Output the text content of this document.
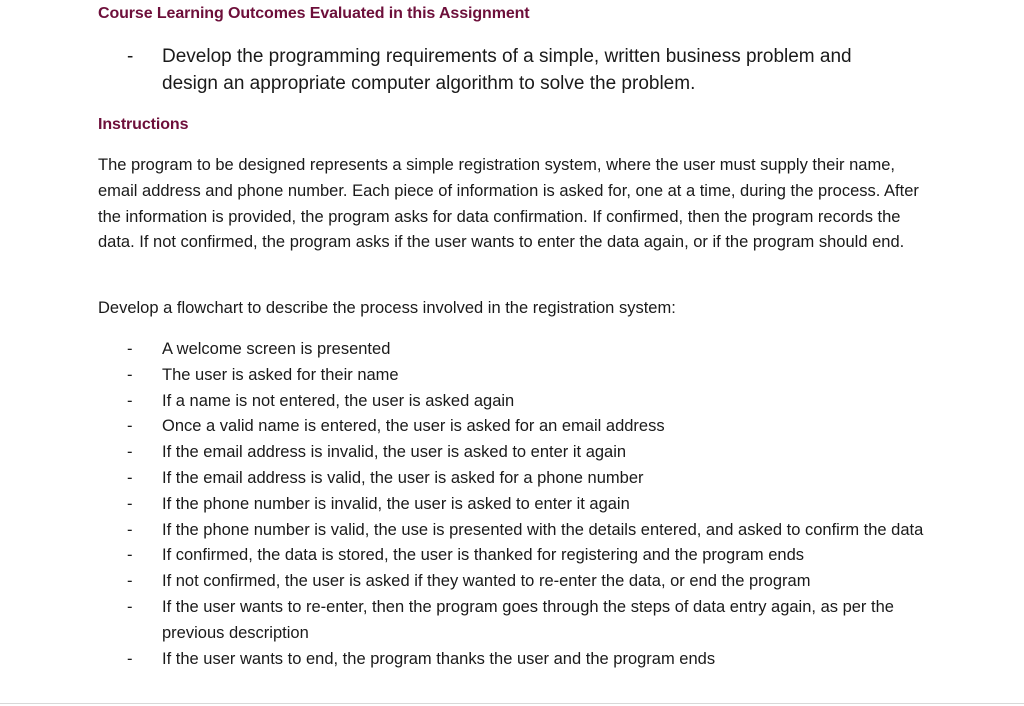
Course Learning Outcomes Evaluated in this Assignment
- Develop the programming requirements of a simple, written business problem and
design an appropriate computer algorithm to solve the problem.
Instructions

The program to be designed represents a simple registration system, where the user must supply their name, email address and phone number. Each piece of information is asked for, one at a time, during the process. After the information is provided, the program asks for data confirmation. If confirmed, then the program records the data. If not confirmed, the program asks if the user wants to enter the data again, or if the program should end.

Develop a flowchart to describe the process involved in the registration system:

- A welcome screen is presented
- The user is asked for their name
- If a name is not entered, the user is asked again
- Once a valid name is entered, the user is asked for an email address
- If the email address is invalid, the user is asked to enter it again
- If the email address is valid, the user is asked for a phone number
- If the phone number is invalid, the user is asked to enter it again
- If the phone number is valid, the use is presented with the details entered, and asked to confirm the data
- If confirmed, the data is stored, the user is thanked for registering and the program ends
- If not confirmed, the user is asked if they wanted to re-enter the data, or end the program
- If the user wants to re-enter, then the program goes through the steps of data entry again, as per the previous description
- If the user wants to end, the program thanks the user and the program ends
